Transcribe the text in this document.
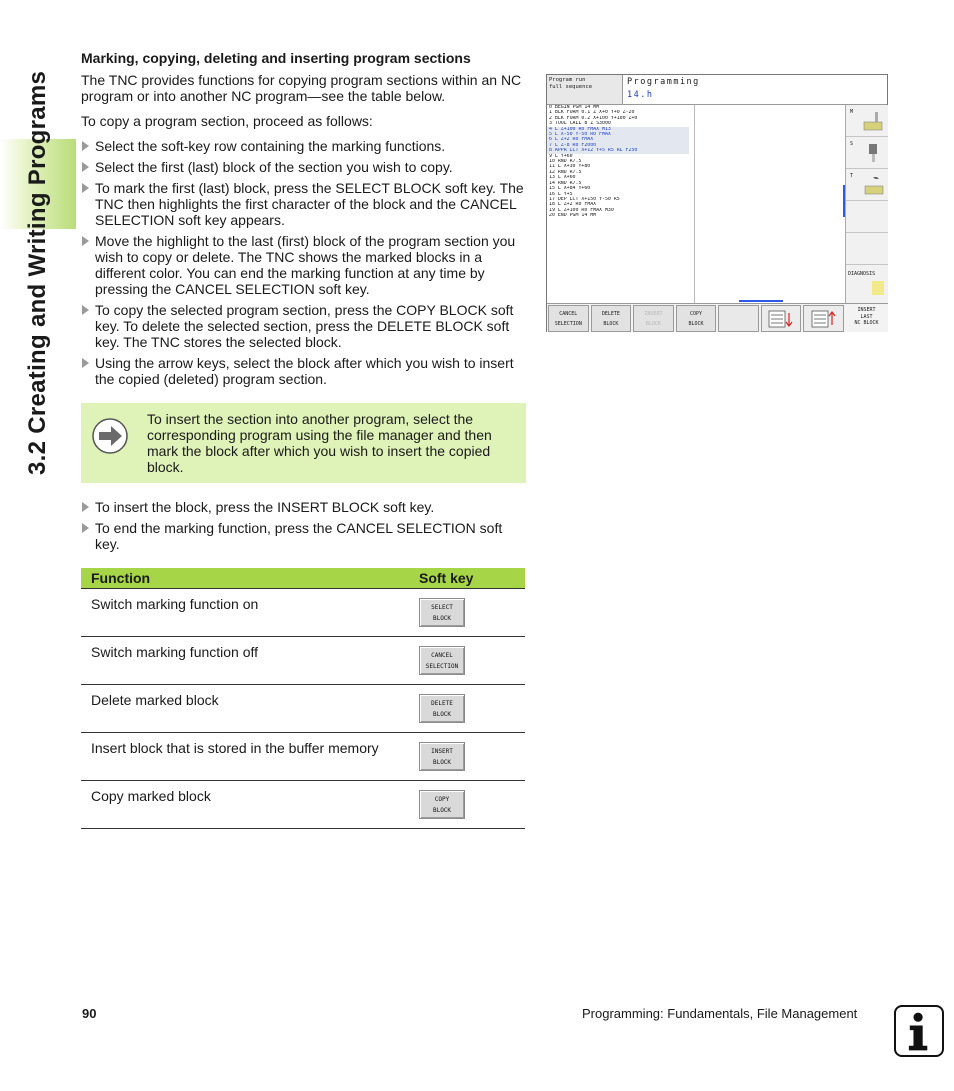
3.2 Creating and Writing Programs
Marking, copying, deleting and inserting program sections
The TNC provides functions for copying program sections within an NC program or into another NC program—see the table below.
To copy a program section, proceed as follows:
Select the soft-key row containing the marking functions.
Select the first (last) block of the section you wish to copy.
To mark the first (last) block, press the SELECT BLOCK soft key. The TNC then highlights the first character of the block and the CANCEL SELECTION soft key appears.
Move the highlight to the last (first) block of the program section you wish to copy or delete. The TNC shows the marked blocks in a different color. You can end the marking function at any time by pressing the CANCEL SELECTION soft key.
To copy the selected program section, press the COPY BLOCK soft key. To delete the selected section, press the DELETE BLOCK soft key. The TNC stores the selected block.
Using the arrow keys, select the block after which you wish to insert the copied (deleted) program section.
To insert the section into another program, select the corresponding program using the file manager and then mark the block after which you wish to insert the copied block.
To insert the block, press the INSERT BLOCK soft key.
To end the marking function, press the CANCEL SELECTION soft key.
Function	Soft key
Switch marking function on	SELECT
BLOCK
Switch marking function off	CANCEL
SELECTION
Delete marked block	DELETE
BLOCK
Insert block that is stored in the buffer memory	INSERT
BLOCK
Copy marked block	COPY
BLOCK
Program run
full sequence	Programming
14.h
0 BEGIN PGM 14 MM
1 BLK FORM 0.1 Z X+0 Y+0 Z-20
2 BLK FORM 0.2 X+100 Y+100 Z+0
3 TOOL CALL 8 Z S3000
4 L Z+100 R0 FMAX M13
5 L X-50 Y-50 R0 FMAX
6 L Z+2 R0 FMAX
7 L Z-8 R0 F2000
8 APPR LCT X+12 Y+5 R5 RL F250
9 L Y+60
10 RND R7.5
11 L X+30 Y+80
12 RND R7.5
13 L X+60
14 RND R7.5
15 L X+84 Y+60
16 L Y+5
17 DEP LCT X+150 Y-50 R5
18 L Z+2 R0 FMAX
19 L Z+100 R0 FMAX M30
20 END PGM 14 MM
M
S
T
DIAGNOSIS
CANCEL
SELECTION
DELETE
BLOCK
INSERT
BLOCK
COPY
BLOCK
INSERT
LAST
NC BLOCK
90	Programming: Fundamentals, File Management
